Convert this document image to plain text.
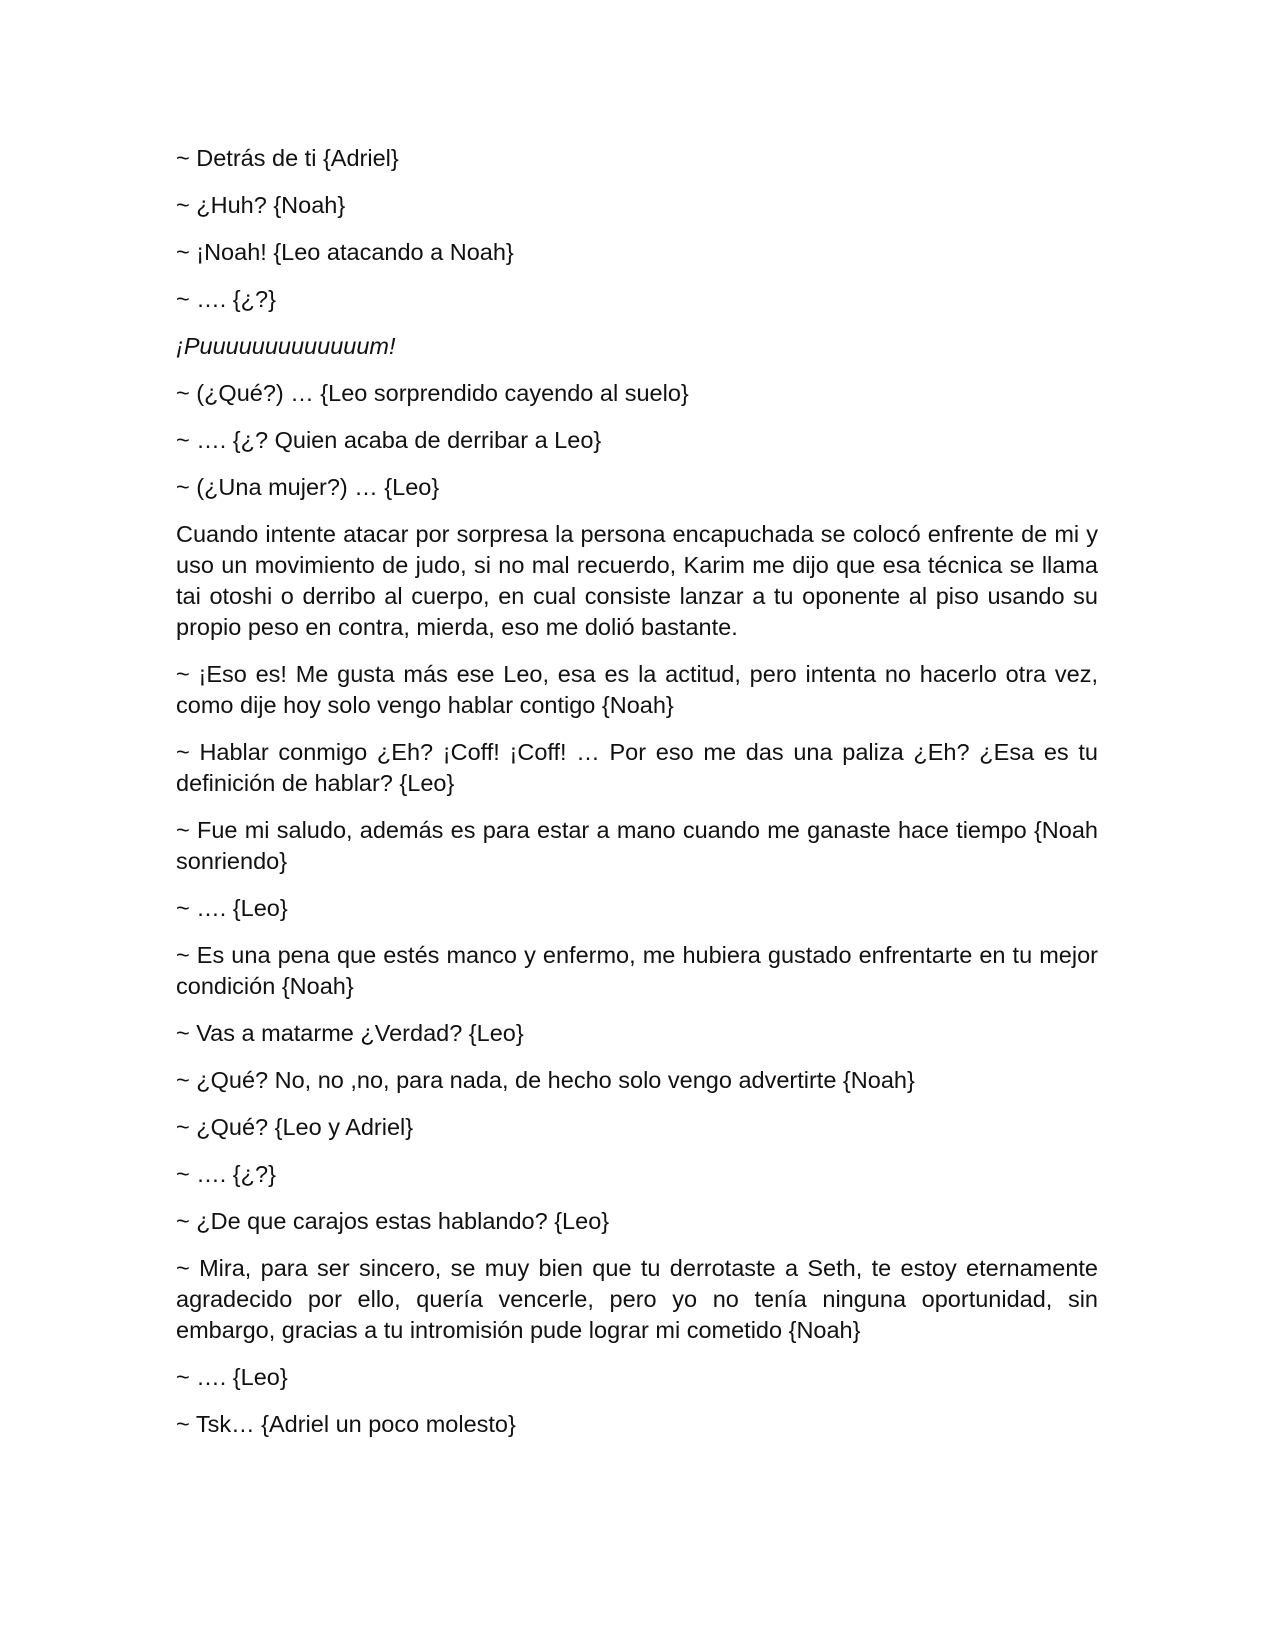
~ Detrás de ti {Adriel}

~ ¿Huh? {Noah}

~ ¡Noah! {Leo atacando a Noah}

~ …. {¿?}

¡Puuuuuuuuuuuuum!

~ (¿Qué?) … {Leo sorprendido cayendo al suelo}

~ …. {¿? Quien acaba de derribar a Leo}

~ (¿Una mujer?) … {Leo}

Cuando intente atacar por sorpresa la persona encapuchada se colocó enfrente de mi y uso un movimiento de judo, si no mal recuerdo, Karim me dijo que esa técnica se llama tai otoshi o derribo al cuerpo, en cual consiste lanzar a tu oponente al piso usando su propio peso en contra, mierda, eso me dolió bastante.

~ ¡Eso es! Me gusta más ese Leo, esa es la actitud, pero intenta no hacerlo otra vez, como dije hoy solo vengo hablar contigo {Noah}

~ Hablar conmigo ¿Eh? ¡Coff! ¡Coff! … Por eso me das una paliza ¿Eh? ¿Esa es tu definición de hablar? {Leo}

~ Fue mi saludo, además es para estar a mano cuando me ganaste hace tiempo {Noah sonriendo}

~ …. {Leo}

~ Es una pena que estés manco y enfermo, me hubiera gustado enfrentarte en tu mejor condición {Noah}

~ Vas a matarme ¿Verdad? {Leo}

~ ¿Qué? No, no ,no, para nada, de hecho solo vengo advertirte {Noah}

~ ¿Qué? {Leo y Adriel}

~ …. {¿?}

~ ¿De que carajos estas hablando? {Leo}

~ Mira, para ser sincero, se muy bien que tu derrotaste a Seth, te estoy eternamente agradecido por ello, quería vencerle, pero yo no tenía ninguna oportunidad, sin embargo, gracias a tu intromisión pude lograr mi cometido {Noah}

~ …. {Leo}

~ Tsk… {Adriel un poco molesto}
